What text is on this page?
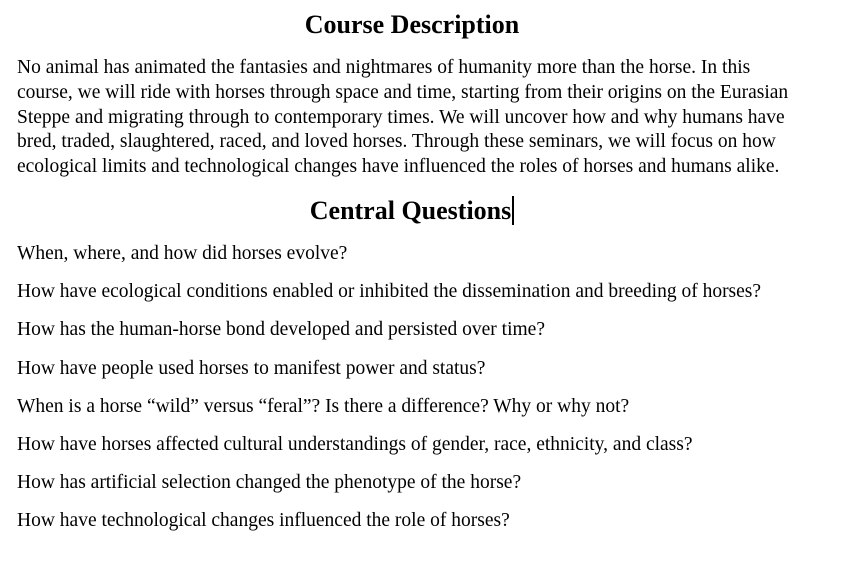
Course Description

No animal has animated the fantasies and nightmares of humanity more than the horse. In this course, we will ride with horses through space and time, starting from their origins on the Eurasian Steppe and migrating through to contemporary times. We will uncover how and why humans have bred, traded, slaughtered, raced, and loved horses. Through these seminars, we will focus on how ecological limits and technological changes have influenced the roles of horses and humans alike.

Central Questions
When, where, and how did horses evolve?
How have ecological conditions enabled or inhibited the dissemination and breeding of horses?
How has the human-horse bond developed and persisted over time?
How have people used horses to manifest power and status?
When is a horse “wild” versus “feral”? Is there a difference? Why or why not?
How have horses affected cultural understandings of gender, race, ethnicity, and class?
How has artificial selection changed the phenotype of the horse?
How have technological changes influenced the role of horses?
